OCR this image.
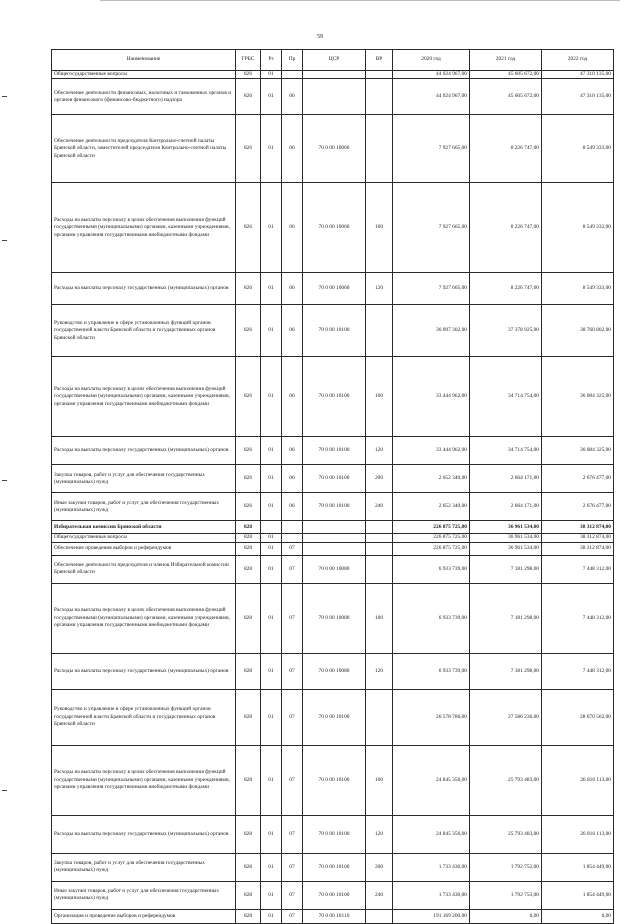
59
Наименование	ГРБС	Рз	Пр	ЦСР	ВР	2020 год	2021 год	2022 год
Общегосударственные вопросы	826	01				44 024 967,00	45 605 672,00	47 310 135,00
Обеспечение деятельности финансовых, налоговых и таможенных органов и органов финансового (финансово-бюджетного) надзора	826	01	06			44 024 967,00	45 605 672,00	47 310 135,00
Обеспечение деятельности председателя Контрольно-счетной палаты Брянской области, заместителей председателя Контрольно-счетной палаты Брянской области	826	01	06	70 0 00 10060		7 927 665,00	8 226 747,00	8 549 333,00
Расходы на выплаты персоналу в целях обеспечения выполнения функций государственными (муниципальными) органами, казенными учреждениями, органами управления государственными внебюджетными фондами	826	01	06	70 0 00 10060	100	7 927 665,00	8 226 747,00	8 549 333,00
Расходы на выплаты персоналу государственных (муниципальных) органов	826	01	06	70 0 00 10060	120	7 927 665,00	8 226 747,00	8 549 333,00
Руководство и управление в сфере установленных функций органов государственной власти Брянской области и государственных органов Брянской области	826	01	06	70 0 00 10100		36 097 302,00	37 378 925,00	38 760 802,00
Расходы на выплаты персоналу в целях обеспечения выполнения функций государственными (муниципальными) органами, казенными учреждениями, органами управления государственными внебюджетными фондами	826	01	06	70 0 00 10100	100	33 444 962,00	34 714 754,00	36 084 325,00
Расходы на выплаты персоналу государственных (муниципальных) органов	826	01	06	70 0 00 10100	120	33 444 962,00	34 714 754,00	36 084 325,00
Закупка товаров, работ и услуг для обеспечения государственных (муниципальных) нужд	826	01	06	70 0 00 10100	200	2 652 340,00	2 664 171,00	2 676 477,00
Иные закупки товаров, работ и услуг для обеспечения государственных (муниципальных) нужд	826	01	06	70 0 00 10100	240	2 652 340,00	2 664 171,00	2 676 477,00
Избирательная комиссия Брянской области	828					226 875 725,00	36 961 534,00	38 312 874,00
Общегосударственные вопросы	828	01				226 875 725,00	36 961 534,00	38 312 874,00
Обеспечение проведения выборов и референдумов	828	01	07			226 875 725,00	36 961 534,00	38 312 874,00
Обеспечение деятельности председателя и членов Избирательной комиссии Брянской области	828	01	07	70 0 00 10080		6 933 739,00	7 181 298,00	7 448 312,00
Расходы на выплаты персоналу в целях обеспечения выполнения функций государственными (муниципальными) органами, казенными учреждениями, органами управления государственными внебюджетными фондами	828	01	07	70 0 00 10080	100	6 933 739,00	7 181 298,00	7 448 312,00
Расходы на выплаты персоналу государственных (муниципальных) органов	828	01	07	70 0 00 10080	120	6 933 739,00	7 181 298,00	7 448 312,00
Руководство и управление в сфере установленных функций органов государственной власти Брянской области и государственных органов Брянской области	828	01	07	70 0 00 10100		26 578 786,00	27 586 236,00	28 670 562,00
Расходы на выплаты персоналу в целях обеспечения выполнения функций государственными (муниципальными) органами, казенными учреждениями, органами управления государственными внебюджетными фондами	828	01	07	70 0 00 10100	100	24 845 356,00	25 793 483,00	26 816 113,00
Расходы на выплаты персоналу государственных (муниципальных) органов	828	01	07	70 0 00 10100	120	24 845 356,00	25 793 483,00	26 816 113,00
Закупка товаров, работ и услуг для обеспечения государственных (муниципальных) нужд	828	01	07	70 0 00 10100	200	1 733 430,00	1 792 753,00	1 854 449,00
Иные закупки товаров, работ и услуг для обеспечения государственных (муниципальных) нужд	828	01	07	70 0 00 10100	240	1 733 430,00	1 792 753,00	1 854 449,00
Организация и проведение выборов и референдумов	828	01	07	70 0 00 10110		191 169 200,00	0,00	0,00
